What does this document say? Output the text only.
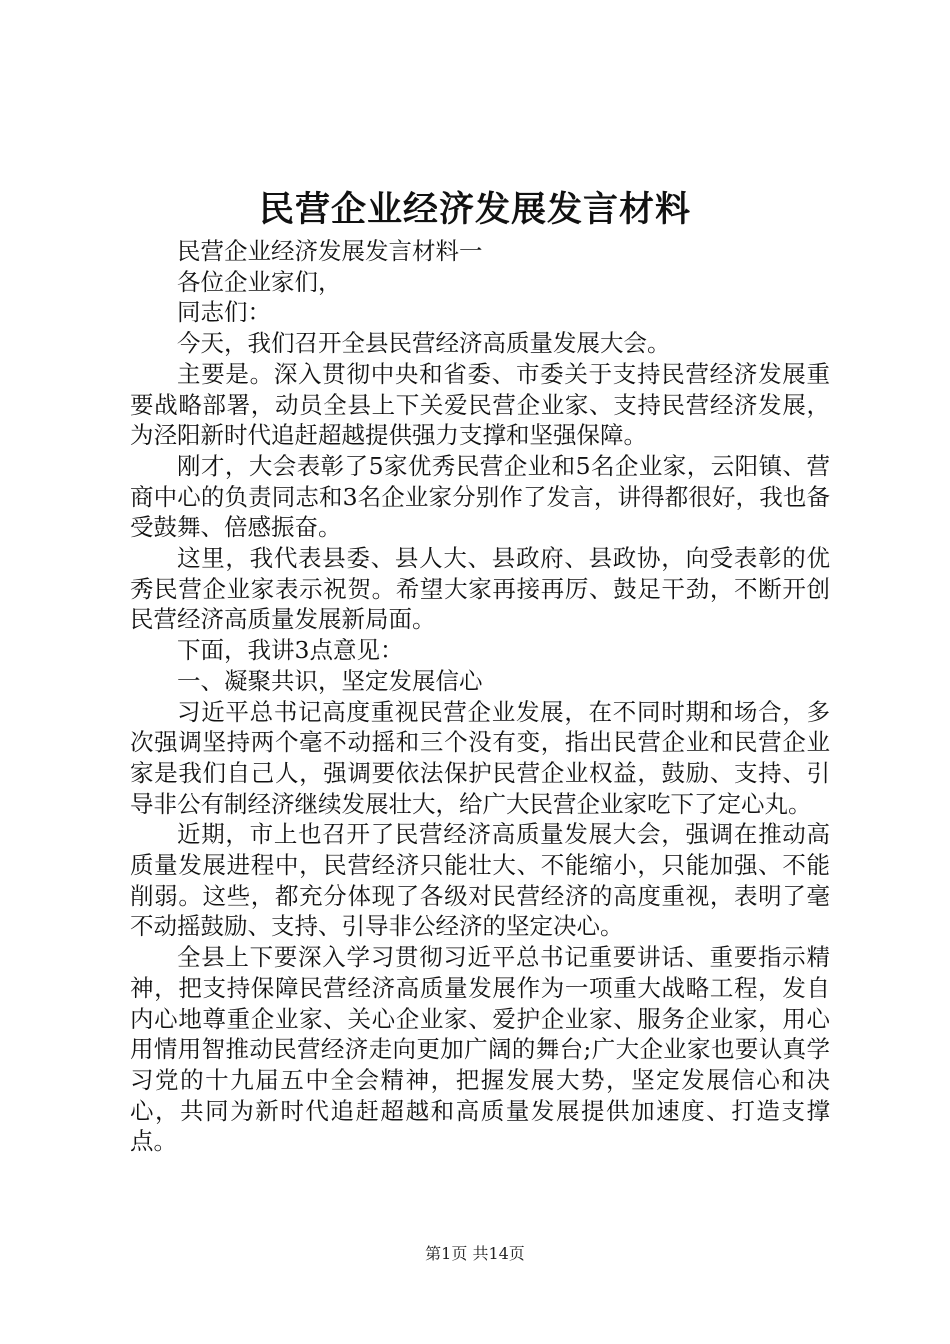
民营企业经济发展发言材料

民营企业经济发展发言材料一

各位企业家们，

同志们：

今天，我们召开全县民营经济高质量发展大会。

主要是。深入贯彻中央和省委、市委关于支持民营经济发展重要战略部署，动员全县上下关爱民营企业家、支持民营经济发展，为泾阳新时代追赶超越提供强力支撑和坚强保障。

刚才，大会表彰了5家优秀民营企业和5名企业家，云阳镇、营商中心的负责同志和3名企业家分别作了发言，讲得都很好，我也备受鼓舞、倍感振奋。

这里，我代表县委、县人大、县政府、县政协，向受表彰的优秀民营企业家表示祝贺。希望大家再接再厉、鼓足干劲，不断开创民营经济高质量发展新局面。

下面，我讲3点意见：

一、凝聚共识，坚定发展信心

习近平总书记高度重视民营企业发展，在不同时期和场合，多次强调坚持两个毫不动摇和三个没有变，指出民营企业和民营企业家是我们自己人，强调要依法保护民营企业权益，鼓励、支持、引导非公有制经济继续发展壮大，给广大民营企业家吃下了定心丸。

近期，市上也召开了民营经济高质量发展大会，强调在推动高质量发展进程中，民营经济只能壮大、不能缩小，只能加强、不能削弱。这些，都充分体现了各级对民营经济的高度重视，表明了毫不动摇鼓励、支持、引导非公经济的坚定决心。

全县上下要深入学习贯彻习近平总书记重要讲话、重要指示精神，把支持保障民营经济高质量发展作为一项重大战略工程，发自内心地尊重企业家、关心企业家、爱护企业家、服务企业家，用心用情用智推动民营经济走向更加广阔的舞台;广大企业家也要认真学习党的十九届五中全会精神，把握发展大势，坚定发展信心和决心，共同为新时代追赶超越和高质量发展提供加速度、打造支撑点。

第1页 共14页
